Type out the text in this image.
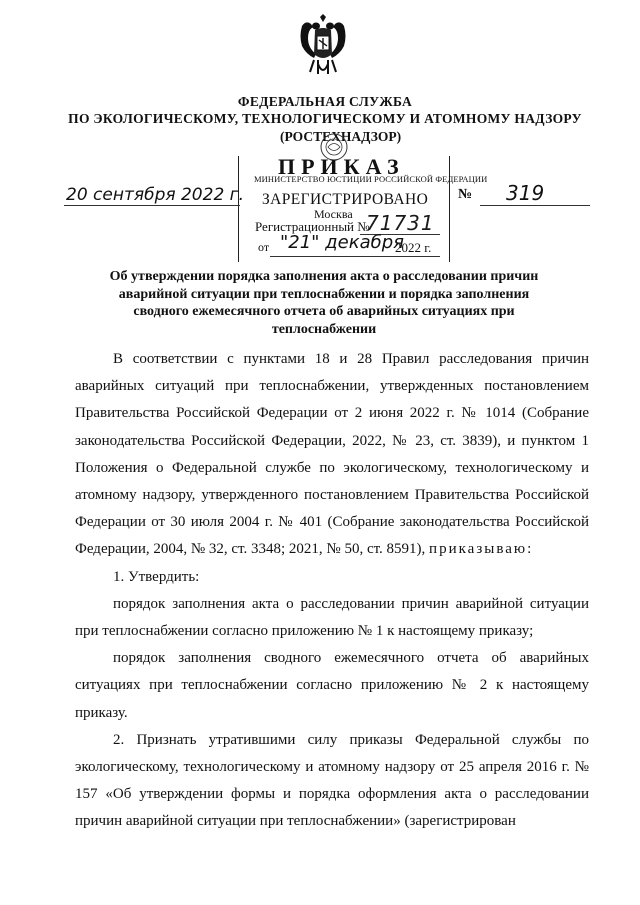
ФЕДЕРАЛЬНАЯ СЛУЖБА
ПО ЭКОЛОГИЧЕСКОМУ, ТЕХНОЛОГИЧЕСКОМУ И АТОМНОМУ НАДЗОРУ
(РОСТЕХНАДЗОР)
ПРИКАЗ
МИНИСТЕРСТВО ЮСТИЦИИ РОССИЙСКОЙ ФЕДЕРАЦИИ
ЗАРЕГИСТРИРОВАНО
Москва
Регистрационный №
71731
от "21" декабря
2022 г.
20 сентября 2022 г.	№ 319
Об утверждении порядка заполнения акта о расследовании причин аварийной ситуации при теплоснабжении и порядка заполнения сводного ежемесячного отчета об аварийных ситуациях при теплоснабжении

В соответствии с пунктами 18 и 28 Правил расследования причин аварийных ситуаций при теплоснабжении, утвержденных постановлением Правительства Российской Федерации от 2 июня 2022 г. № 1014 (Собрание законодательства Российской Федерации, 2022, № 23, ст. 3839), и пунктом 1 Положения о Федеральной службе по экологическому, технологическому и атомному надзору, утвержденного постановлением Правительства Российской Федерации от 30 июля 2004 г. № 401 (Собрание законодательства Российской Федерации, 2004, № 32, ст. 3348; 2021, № 50, ст. 8591), приказываю:

1. Утвердить:

порядок заполнения акта о расследовании причин аварийной ситуации при теплоснабжении согласно приложению № 1 к настоящему приказу;

порядок заполнения сводного ежемесячного отчета об аварийных ситуациях при теплоснабжении согласно приложению № 2 к настоящему приказу.

2. Признать утратившими силу приказы Федеральной службы по экологическому, технологическому и атомному надзору от 25 апреля 2016 г. № 157 «Об утверждении формы и порядка оформления акта о расследовании причин аварийной ситуации при теплоснабжении» (зарегистрирован
